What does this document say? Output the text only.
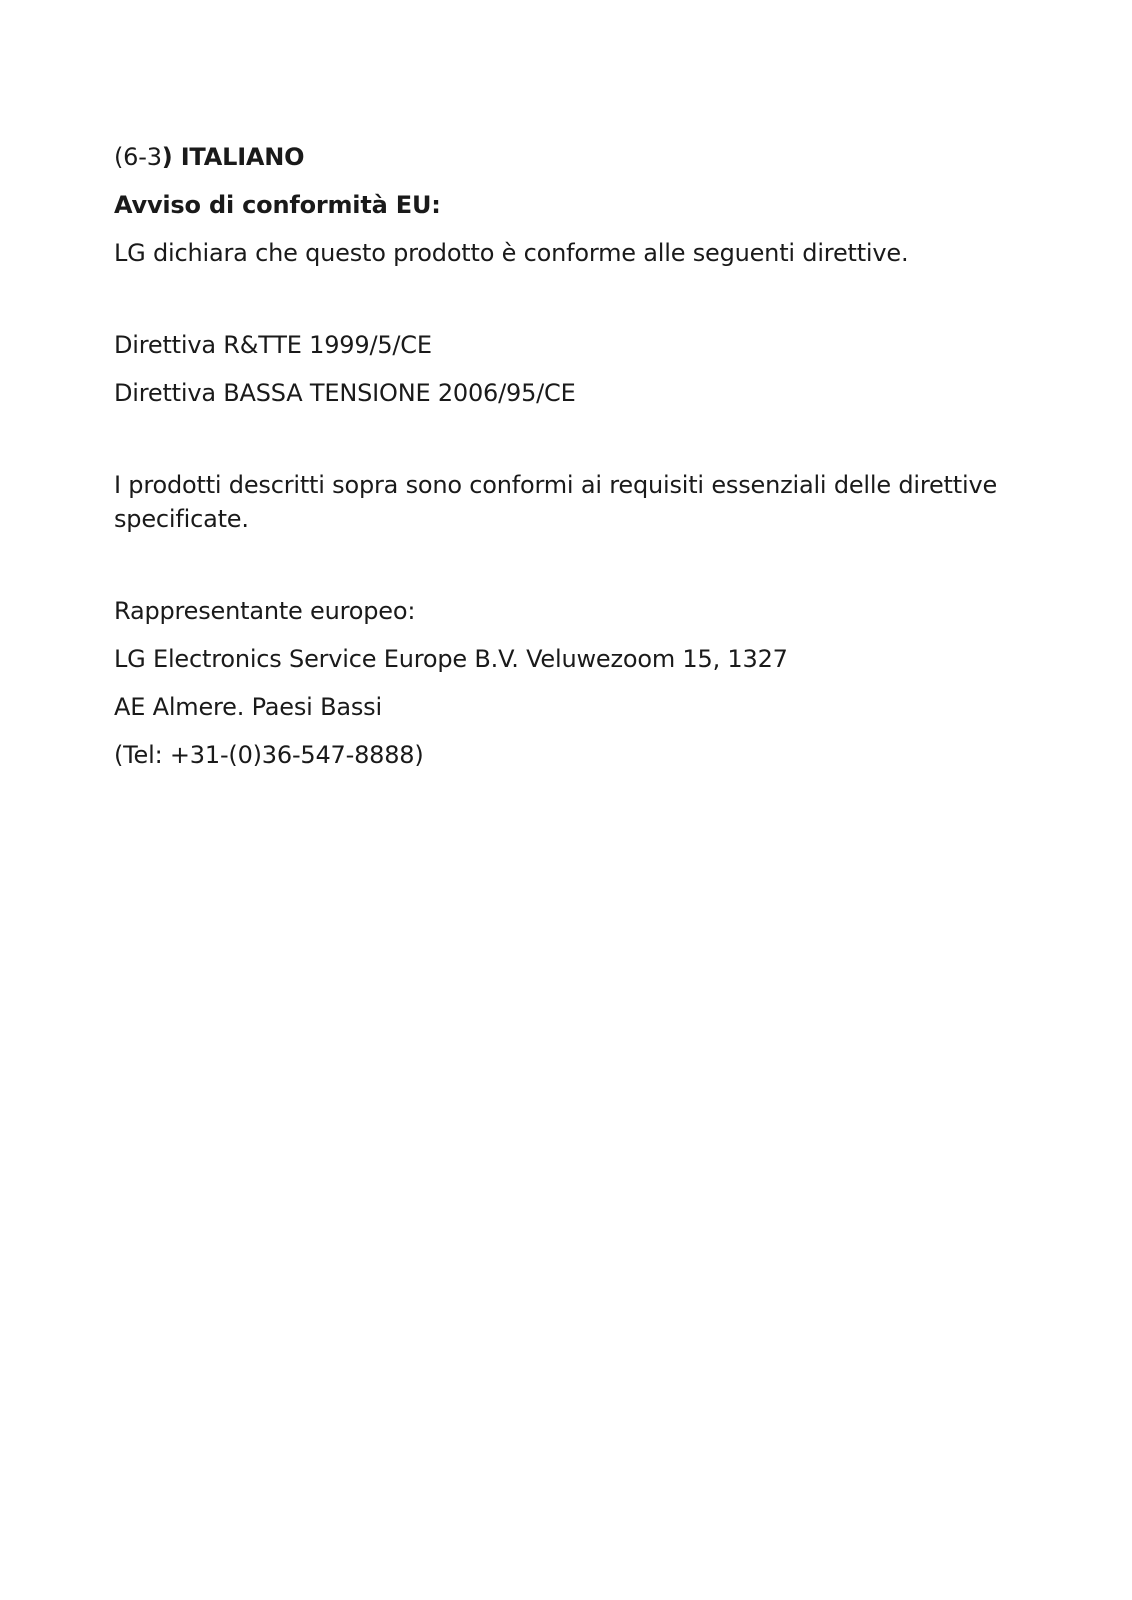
(6-3) ITALIANO

Avviso di conformità EU:

LG dichiara che questo prodotto è conforme alle seguenti direttive.

Direttiva R&TTE 1999/5/CE

Direttiva BASSA TENSIONE 2006/95/CE

I prodotti descritti sopra sono conformi ai requisiti essenziali delle direttive specificate.

Rappresentante europeo:

LG Electronics Service Europe B.V. Veluwezoom 15, 1327

AE Almere. Paesi Bassi

(Tel: +31-(0)36-547-8888)
